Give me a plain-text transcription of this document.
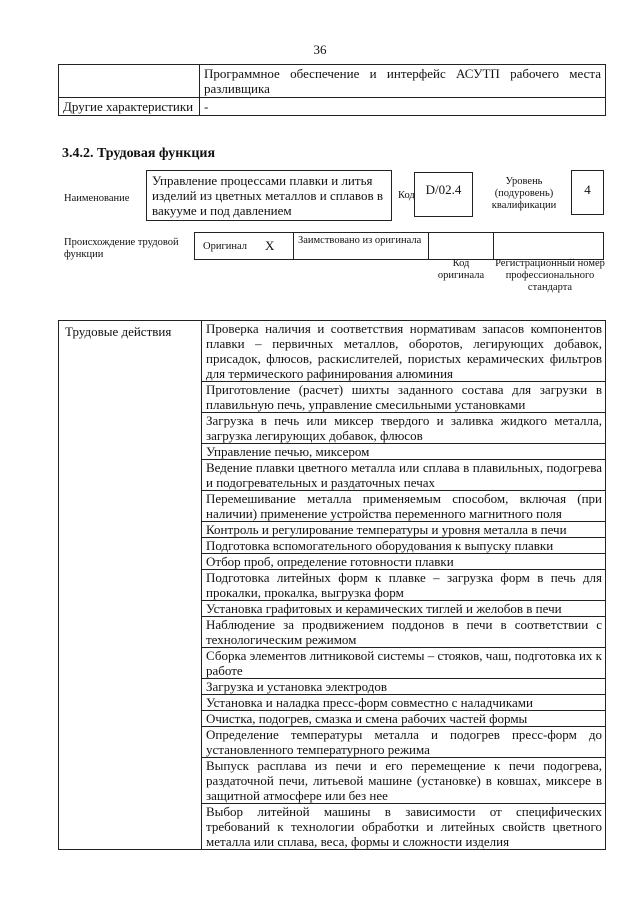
36
	Программное обеспечение и интерфейс АСУТП рабочего места разливщика
Другие характеристики	-
3.4.2. Трудовая функция
Наименование
Управление процессами плавки и литья изделий из цветных металлов и сплавов в вакууме и под давлением
Код D/02.4
Уровень (подуровень) квалификации
4
Происхождение трудовой функции
Оригинал X Заимствовано из оригинала
Код оригинала
Регистрационный номер профессионального стандарта
Трудовые действия	Проверка наличия и соответствия нормативам запасов компонентов плавки – первичных металлов, оборотов, легирующих добавок, присадок, флюсов, раскислителей, пористых керамических фильтров для термического рафинирования алюминия
Приготовление (расчет) шихты заданного состава для загрузки в плавильную печь, управление смесильными установками
Загрузка в печь или миксер твердого и заливка жидкого металла, загрузка легирующих добавок, флюсов
Управление печью, миксером
Ведение плавки цветного металла или сплава в плавильных, подогрева и подогревательных и раздаточных печах
Перемешивание металла применяемым способом, включая (при наличии) применение устройства переменного магнитного поля
Контроль и регулирование температуры и уровня металла в печи
Подготовка вспомогательного оборудования к выпуску плавки
Отбор проб, определение готовности плавки
Подготовка литейных форм к плавке – загрузка форм в печь для прокалки, прокалка, выгрузка форм
Установка графитовых и керамических тиглей и желобов в печи
Наблюдение за продвижением поддонов в печи в соответствии с технологическим режимом
Сборка элементов литниковой системы – стояков, чаш, подготовка их к работе
Загрузка и установка электродов
Установка и наладка пресс-форм совместно с наладчиками
Очистка, подогрев, смазка и смена рабочих частей формы
Определение температуры металла и подогрев пресс-форм до установленного температурного режима
Выпуск расплава из печи и его перемещение к печи подогрева, раздаточной печи, литьевой машине (установке) в ковшах, миксере в защитной атмосфере или без нее
Выбор литейной машины в зависимости от специфических требований к технологии обработки и литейных свойств цветного металла или сплава, веса, формы и сложности изделия
